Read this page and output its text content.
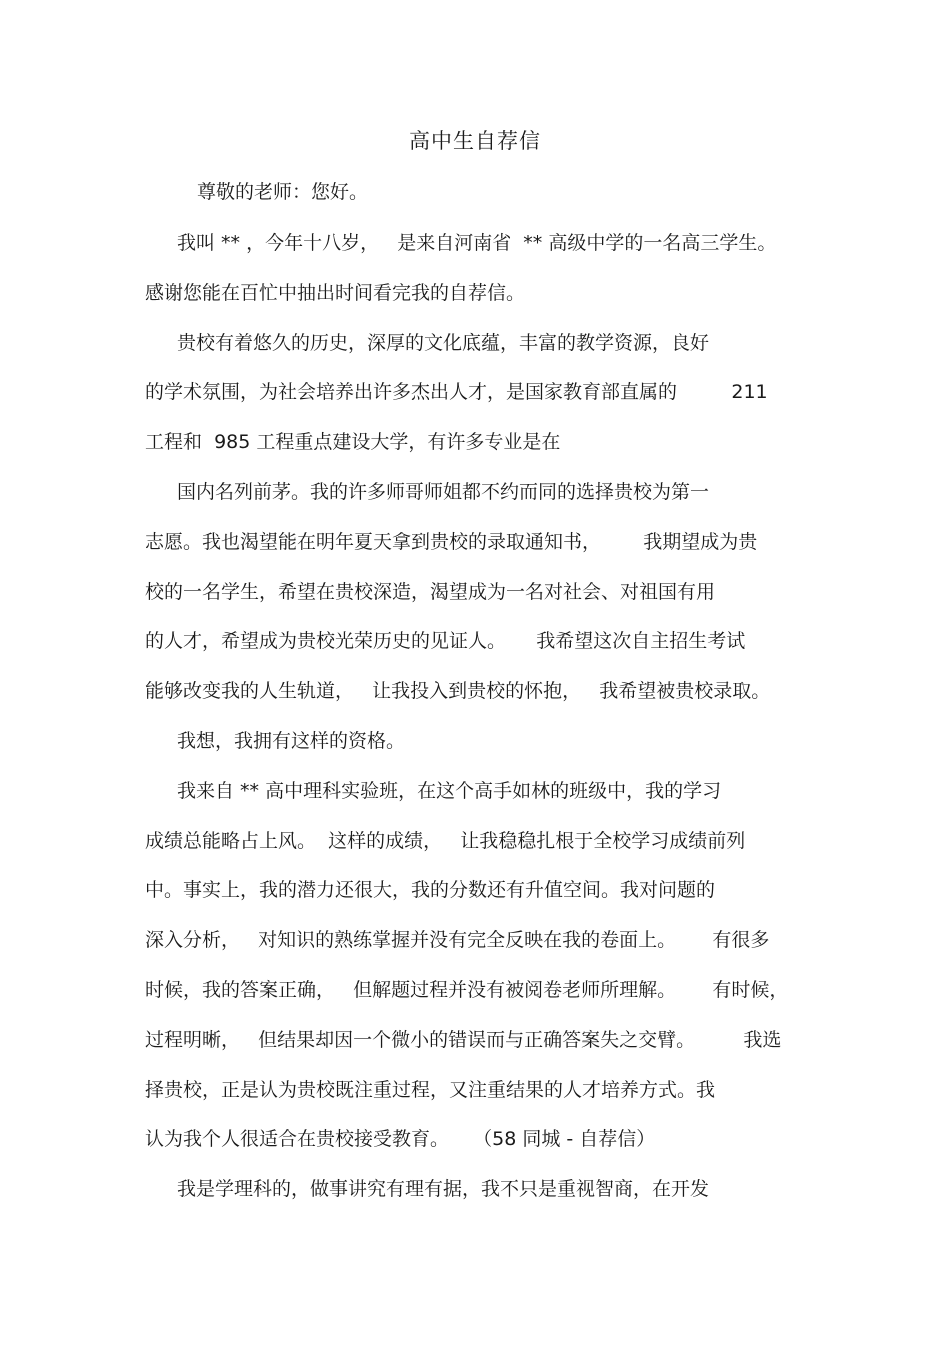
高中生自荐信
尊敬的老师：您好。
我叫 ** ，今年十八岁，   是来自河南省  ** 高级中学的一名高三学生。
感谢您能在百忙中抽出时间看完我的自荐信。
贵校有着悠久的历史，深厚的文化底蕴，丰富的教学资源，良好
的学术氛围，为社会培养出许多杰出人才，是国家教育部直属的         211
工程和  985 工程重点建设大学，有许多专业是在
国内名列前茅。我的许多师哥师姐都不约而同的选择贵校为第一
志愿。我也渴望能在明年夏天拿到贵校的录取通知书，       我期望成为贵
校的一名学生，希望在贵校深造，渴望成为一名对社会、对祖国有用
的人才，希望成为贵校光荣历史的见证人。     我希望这次自主招生考试
能够改变我的人生轨道，   让我投入到贵校的怀抱，   我希望被贵校录取。
我想，我拥有这样的资格。
我来自 ** 高中理科实验班，在这个高手如林的班级中，我的学习
成绩总能略占上风。  这样的成绩，   让我稳稳扎根于全校学习成绩前列
中。事实上，我的潜力还很大，我的分数还有升值空间。我对问题的
深入分析，   对知识的熟练掌握并没有完全反映在我的卷面上。      有很多
时候，我的答案正确，   但解题过程并没有被阅卷老师所理解。      有时候，
过程明晰，   但结果却因一个微小的错误而与正确答案失之交臂。        我选
择贵校，正是认为贵校既注重过程，又注重结果的人才培养方式。我
认为我个人很适合在贵校接受教育。    （58 同城 - 自荐信）
我是学理科的，做事讲究有理有据，我不只是重视智商，在开发
